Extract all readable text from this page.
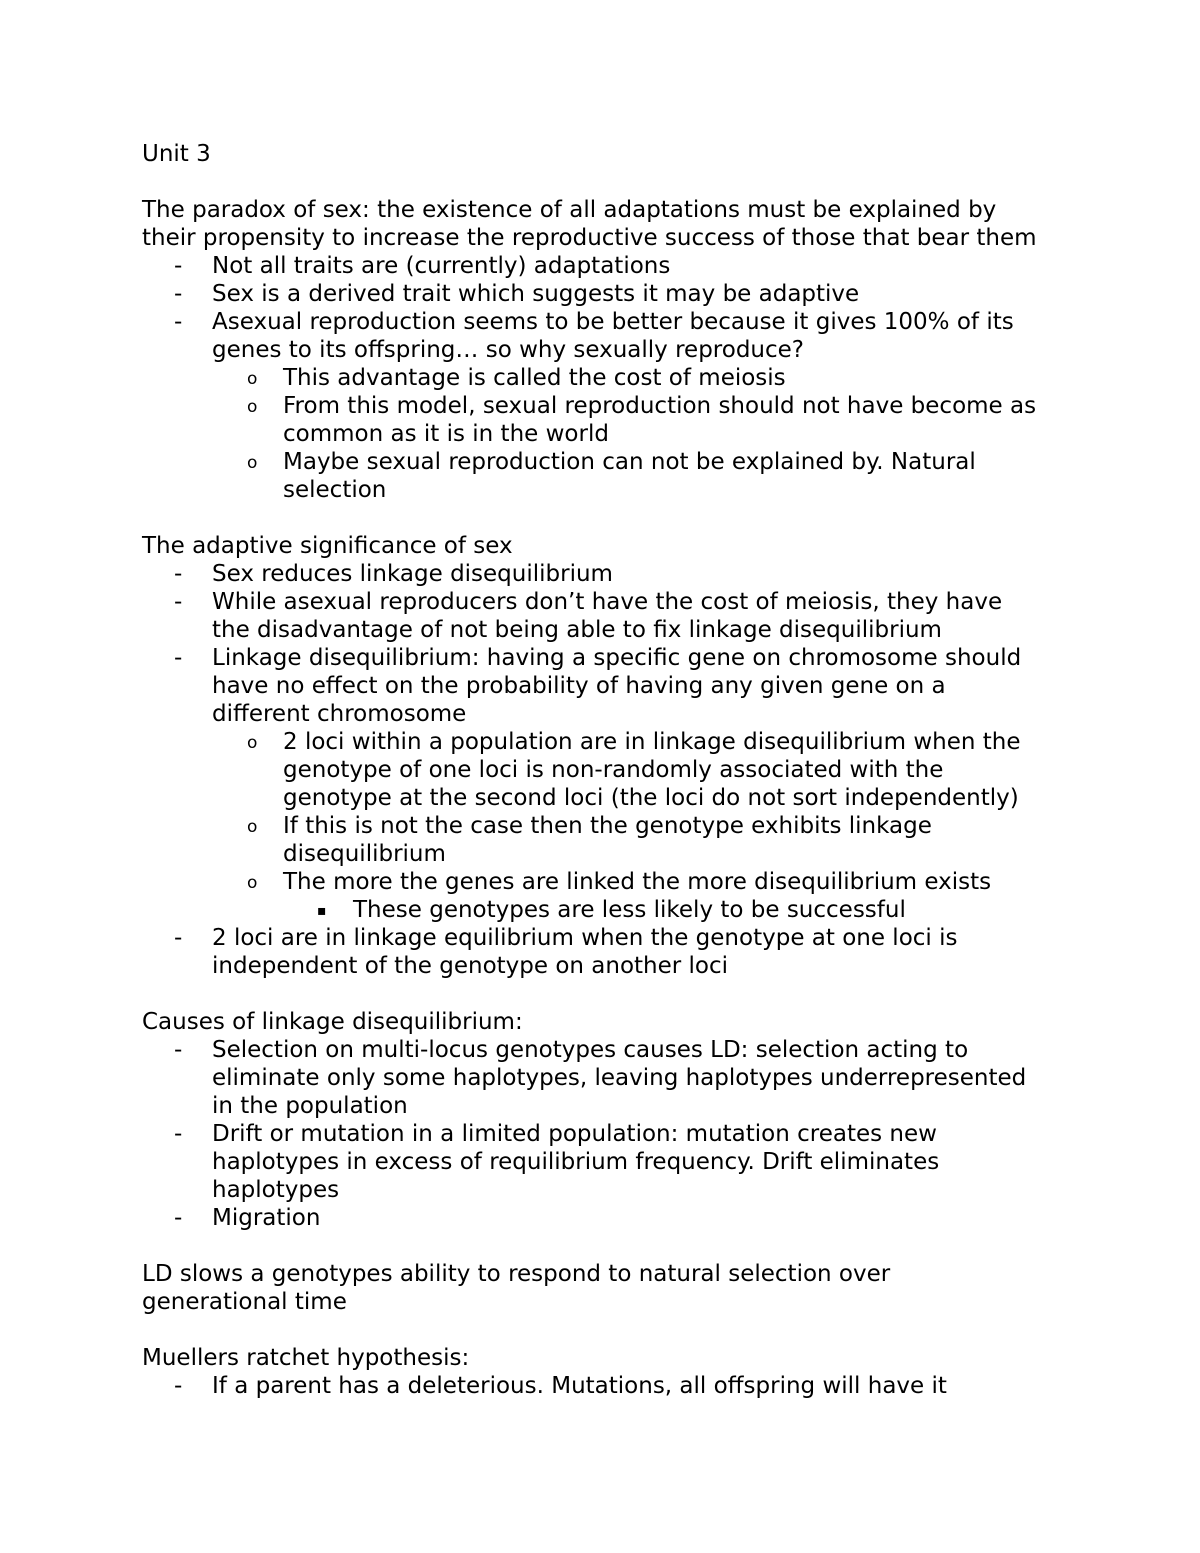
Unit 3

The paradox of sex: the existence of all adaptations must be explained by

their propensity to increase the reproductive success of those that bear them

- Not all traits are (currently) adaptations
- Sex is a derived trait which suggests it may be adaptive
- Asexual reproduction seems to be better because it gives 100% of its
genes to its offspring… so why sexually reproduce?
o This advantage is called the cost of meiosis
o From this model, sexual reproduction should not have become as
common as it is in the world
o Maybe sexual reproduction can not be explained by. Natural
selection

The adaptive significance of sex

- Sex reduces linkage disequilibrium
- While asexual reproducers don’t have the cost of meiosis, they have
the disadvantage of not being able to fix linkage disequilibrium
- Linkage disequilibrium: having a specific gene on chromosome should
have no effect on the probability of having any given gene on a
different chromosome
o 2 loci within a population are in linkage disequilibrium when the
genotype of one loci is non-randomly associated with the
genotype at the second loci (the loci do not sort independently)
o If this is not the case then the genotype exhibits linkage
disequilibrium
o The more the genes are linked the more disequilibrium exists
▪ These genotypes are less likely to be successful
- 2 loci are in linkage equilibrium when the genotype at one loci is
independent of the genotype on another loci

Causes of linkage disequilibrium:

- Selection on multi-locus genotypes causes LD: selection acting to
eliminate only some haplotypes, leaving haplotypes underrepresented
in the population
- Drift or mutation in a limited population: mutation creates new
haplotypes in excess of requilibrium frequency. Drift eliminates
haplotypes
- Migration

LD slows a genotypes ability to respond to natural selection over

generational time

Muellers ratchet hypothesis:

- If a parent has a deleterious. Mutations, all offspring will have it
